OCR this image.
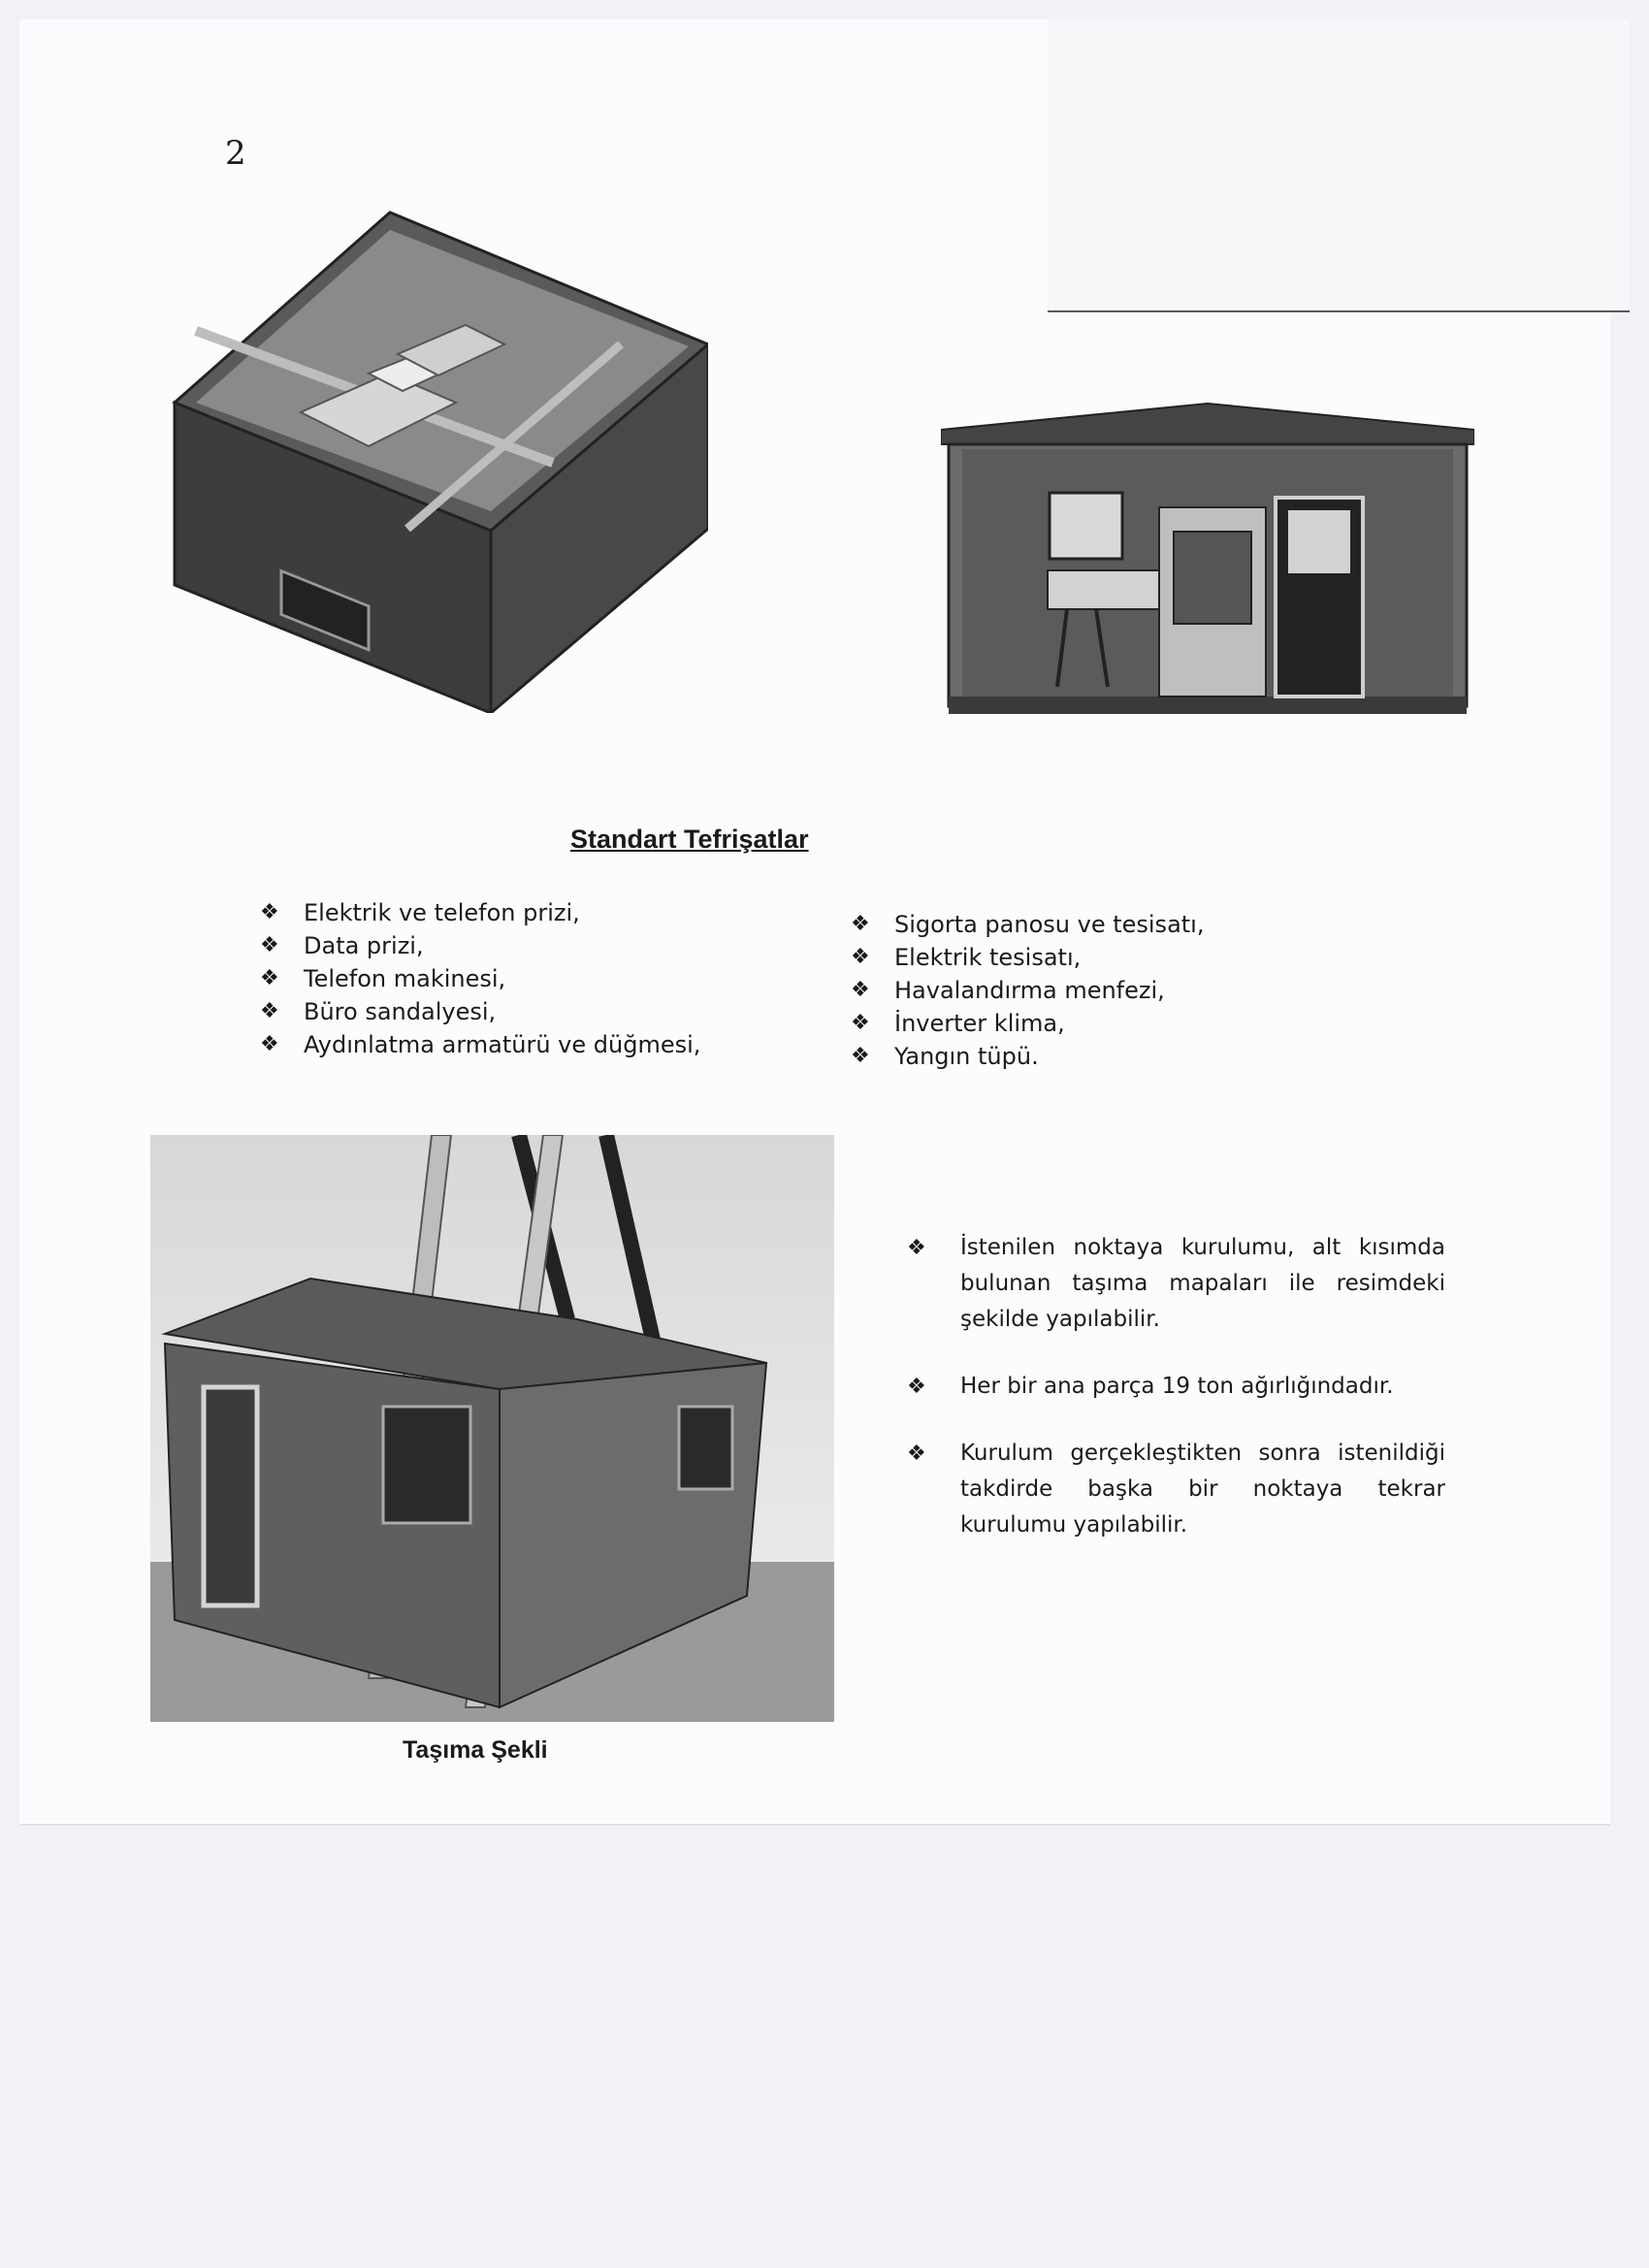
2
Standart Tefrişatlar
❖ Elektrik ve telefon prizi,
❖ Data prizi,
❖ Telefon makinesi,
❖ Büro sandalyesi,
❖ Aydınlatma armatürü ve düğmesi,
❖ Sigorta panosu ve tesisatı,
❖ Elektrik tesisatı,
❖ Havalandırma menfezi,
❖ İnverter klima,
❖ Yangın tüpü.
Taşıma Şekli
❖ İstenilen noktaya kurulumu, alt kısımda bulunan taşıma mapaları ile resimdeki şekilde yapılabilir.
❖ Her bir ana parça 19 ton ağırlığındadır.
❖ Kurulum gerçekleştikten sonra istenildiği takdirde başka bir noktaya tekrar kurulumu yapılabilir.
